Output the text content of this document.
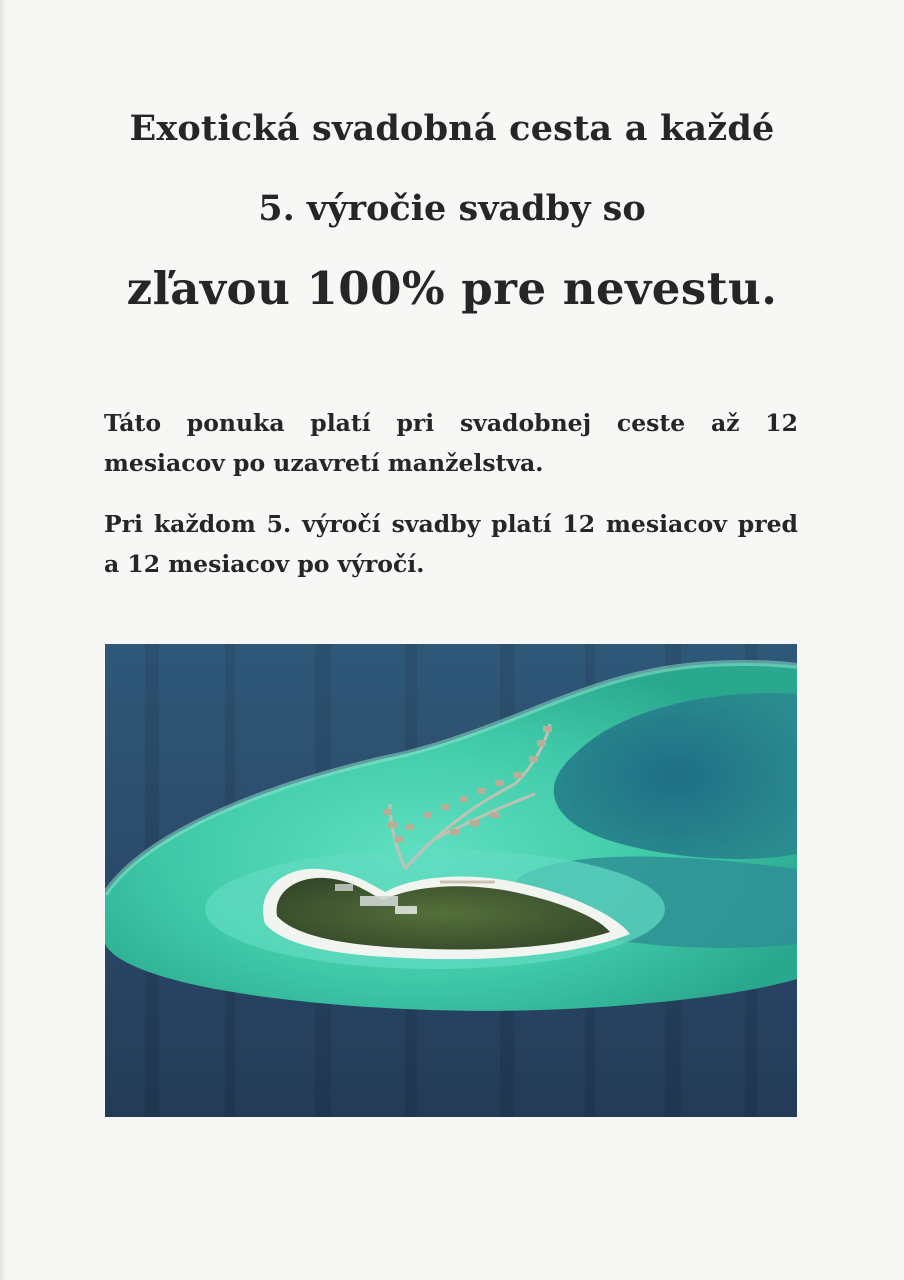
Exotická svadobná cesta a každé
5. výročie svadby so
zľavou 100% pre nevestu.

Táto ponuka platí pri svadobnej ceste až 12 mesiacov po uzavretí manželstva.

Pri každom 5. výročí svadby platí 12 mesiacov pred a 12 mesiacov po výročí.
